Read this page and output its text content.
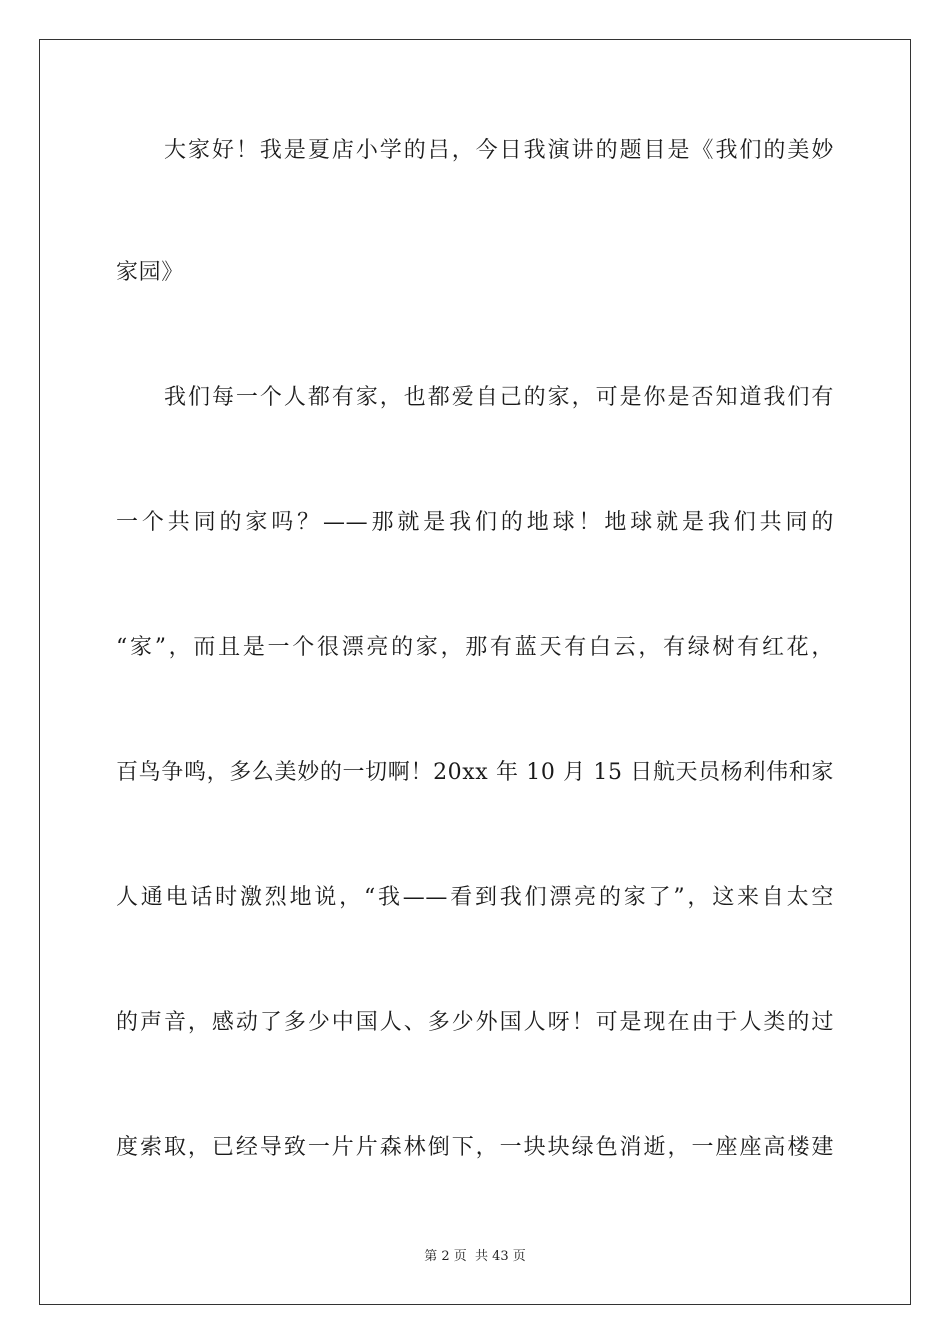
大家好！我是夏店小学的吕，今日我演讲的题目是《我们的美妙
家园》
我们每一个人都有家，也都爱自己的家，可是你是否知道我们有
一个共同的家吗？——那就是我们的地球！地球就是我们共同的
“家”，而且是一个很漂亮的家，那有蓝天有白云，有绿树有红花，
百鸟争鸣，多么美妙的一切啊！20xx 年 10 月 15 日航天员杨利伟和家
人通电话时激烈地说，“我——看到我们漂亮的家了”，这来自太空
的声音，感动了多少中国人、多少外国人呀！可是现在由于人类的过
度索取，已经导致一片片森林倒下，一块块绿色消逝，一座座高楼建
第 2 页 共 43 页
